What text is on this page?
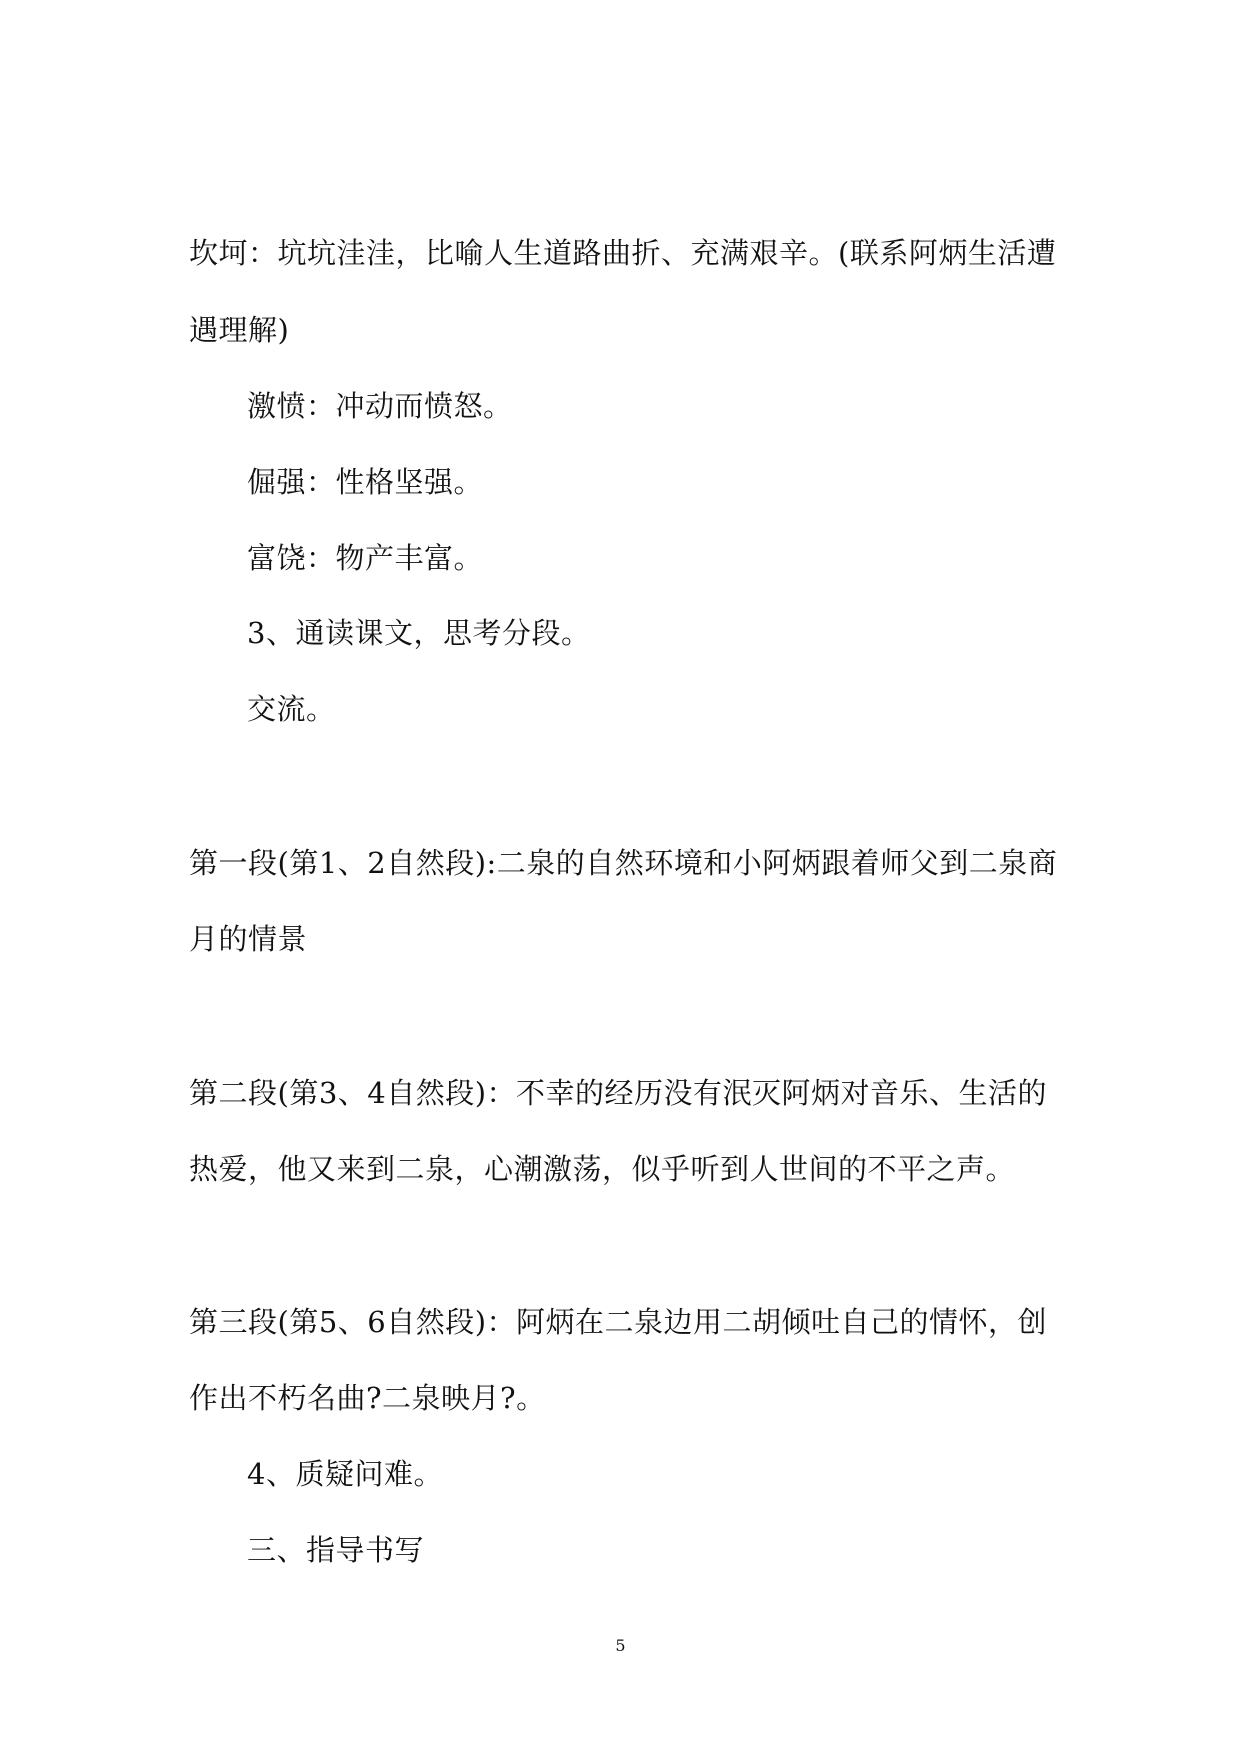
坎坷：坑坑洼洼，比喻人生道路曲折、充满艰辛。(联系阿炳生活遭
遇理解)
激愤：冲动而愤怒。
倔强：性格坚强。
富饶：物产丰富。
3、通读课文，思考分段。
交流。
第一段(第1、2自然段):二泉的自然环境和小阿炳跟着师父到二泉商
月的情景
第二段(第3、4自然段)：不幸的经历没有泯灭阿炳对音乐、生活的
热爱，他又来到二泉，心潮激荡，似乎听到人世间的不平之声。
第三段(第5、6自然段)：阿炳在二泉边用二胡倾吐自己的情怀，创
作出不朽名曲?二泉映月?。
4、质疑问难。
三、指导书写
5
